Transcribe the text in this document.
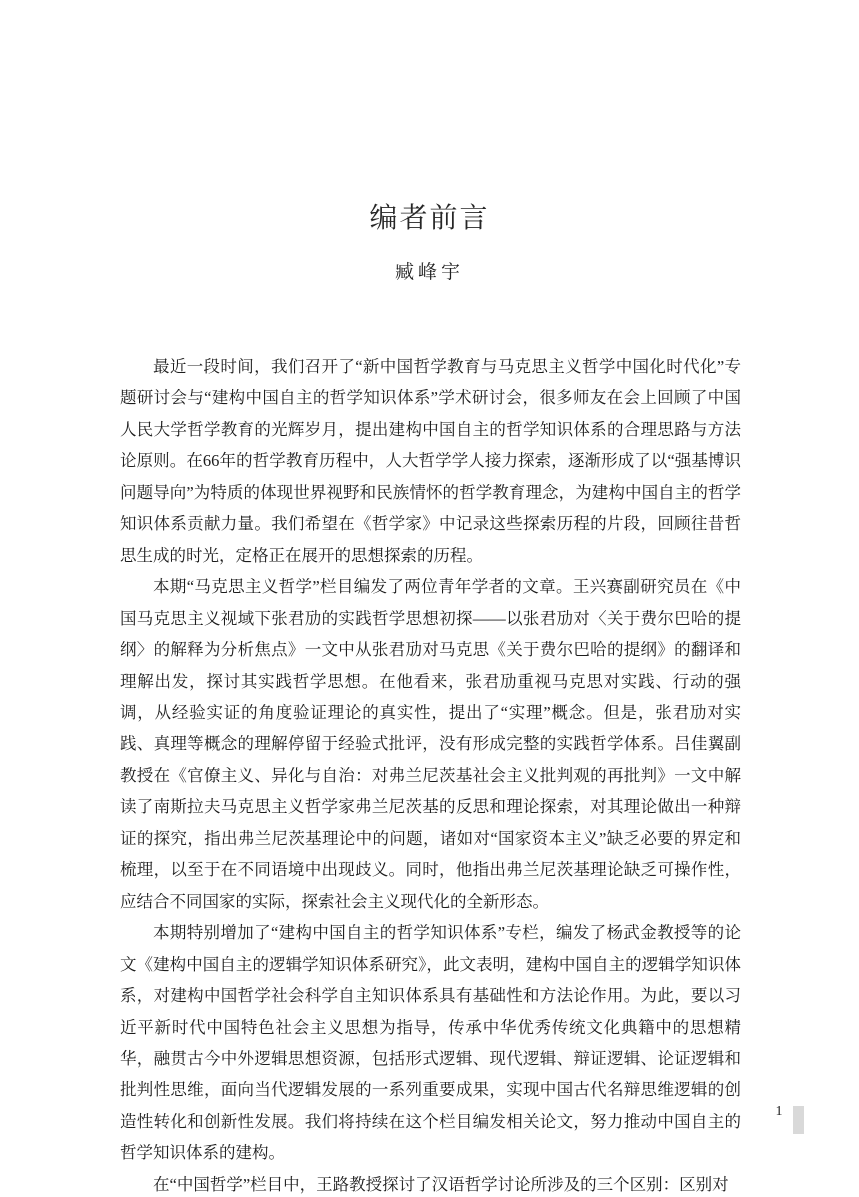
编者前言
臧峰宇

最近一段时间，我们召开了“新中国哲学教育与马克思主义哲学中国化时代化”专题研讨会与“建构中国自主的哲学知识体系”学术研讨会，很多师友在会上回顾了中国人民大学哲学教育的光辉岁月，提出建构中国自主的哲学知识体系的合理思路与方法论原则。在66年的哲学教育历程中，人大哲学学人接力探索，逐渐形成了以“强基博识　问题导向”为特质的体现世界视野和民族情怀的哲学教育理念，为建构中国自主的哲学知识体系贡献力量。我们希望在《哲学家》中记录这些探索历程的片段，回顾往昔哲思生成的时光，定格正在展开的思想探索的历程。

本期“马克思主义哲学”栏目编发了两位青年学者的文章。王兴赛副研究员在《中国马克思主义视域下张君劢的实践哲学思想初探——以张君劢对〈关于费尔巴哈的提纲〉的解释为分析焦点》一文中从张君劢对马克思《关于费尔巴哈的提纲》的翻译和理解出发，探讨其实践哲学思想。在他看来，张君劢重视马克思对实践、行动的强调，从经验实证的角度验证理论的真实性，提出了“实理”概念。但是，张君劢对实践、真理等概念的理解停留于经验式批评，没有形成完整的实践哲学体系。吕佳翼副教授在《官僚主义、异化与自治：对弗兰尼茨基社会主义批判观的再批判》一文中解读了南斯拉夫马克思主义哲学家弗兰尼茨基的反思和理论探索，对其理论做出一种辩证的探究，指出弗兰尼茨基理论中的问题，诸如对“国家资本主义”缺乏必要的界定和梳理，以至于在不同语境中出现歧义。同时，他指出弗兰尼茨基理论缺乏可操作性，应结合不同国家的实际，探索社会主义现代化的全新形态。

本期特别增加了“建构中国自主的哲学知识体系”专栏，编发了杨武金教授等的论文《建构中国自主的逻辑学知识体系研究》，此文表明，建构中国自主的逻辑学知识体系，对建构中国哲学社会科学自主知识体系具有基础性和方法论作用。为此，要以习近平新时代中国特色社会主义思想为指导，传承中华优秀传统文化典籍中的思想精华，融贯古今中外逻辑思想资源，包括形式逻辑、现代逻辑、辩证逻辑、论证逻辑和批判性思维，面向当代逻辑发展的一系列重要成果，实现中国古代名辩思维逻辑的创造性转化和创新性发展。我们将持续在这个栏目编发相关论文，努力推动中国自主的哲学知识体系的建构。

在“中国哲学”栏目中，王路教授探讨了汉语哲学讨论所涉及的三个区别：区别对

1
